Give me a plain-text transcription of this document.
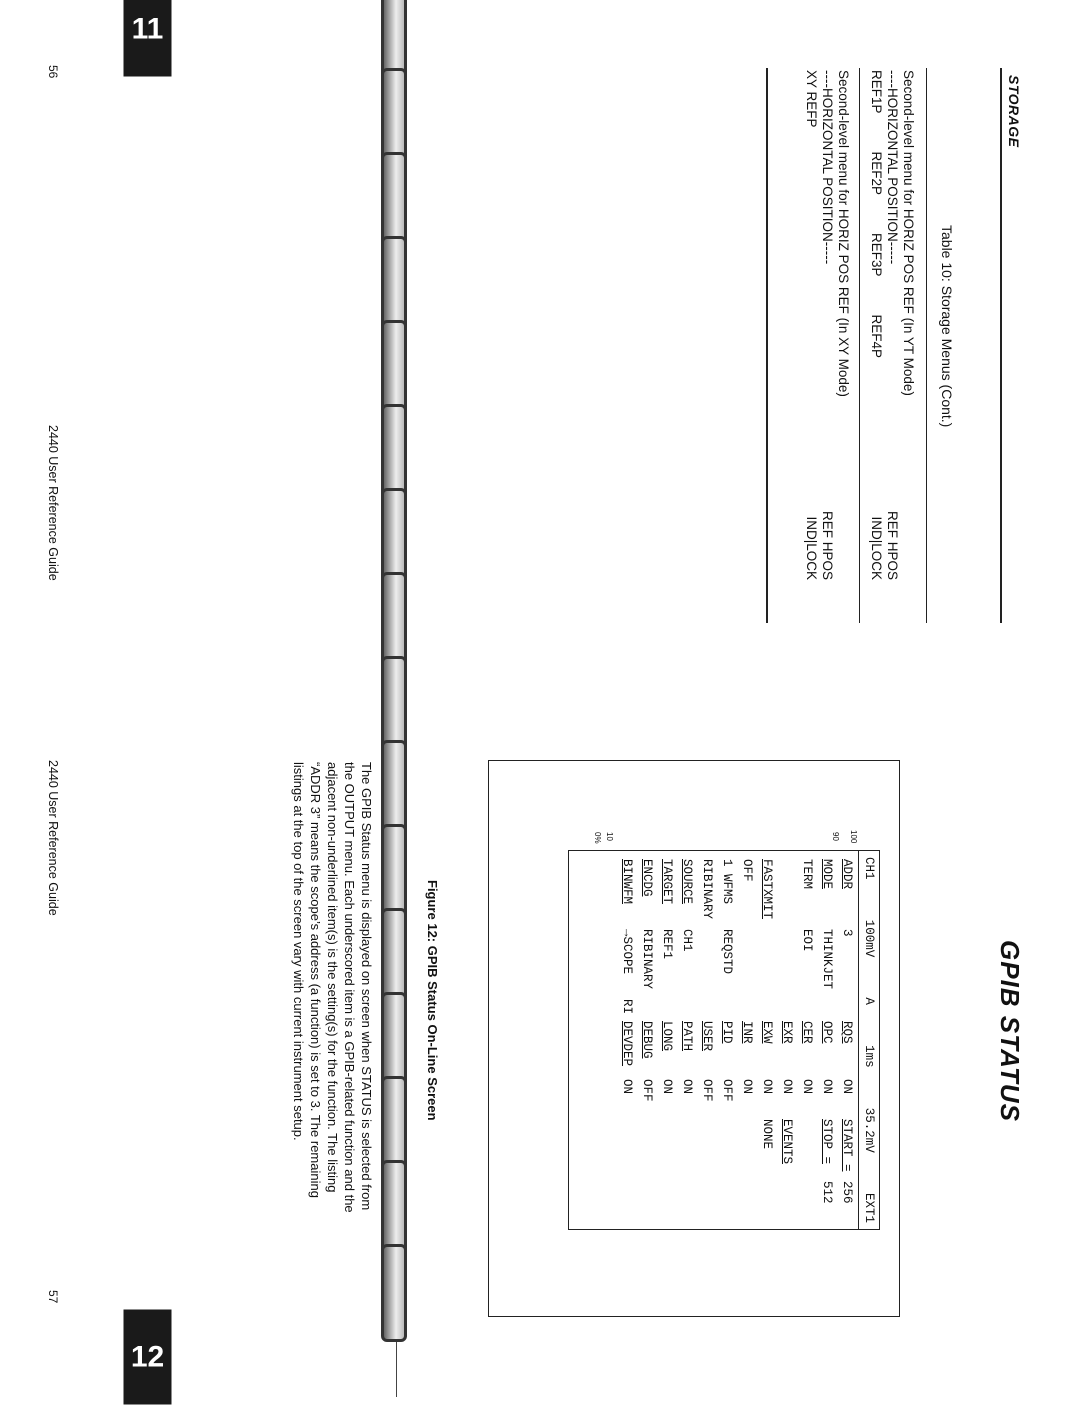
11
STORAGE
Table 10: Storage Menus (Cont.)
Second-level menu for HORIZ POS REF (In YT Mode)
----HORIZONTAL POSITION-----
REF HPOS
REF1P
REF2P
REF3P
REF4P
IND|LOCK
Second-level menu for HORIZ POS REF (In XY Mode)
----HORIZONTAL POSITION-----
REF HPOS
XY REFP
IND|LOCK
2440 User Reference Guide
56
GPIB STATUS
CH1
100mV
A
1ms
35.2mV
EXT1
ADDR
3
RQS
ON
START =
256
MODE
THINKJET
OPC
ON
STOP =
512
TERM
EOI
CER
ON
EXR
ON
EVENTS
FASTXMIT
EXW
ON
NONE
OFF
INR
ON
1 WFMS
REQSTD
PID
OFF
RIBINARY
USER
OFF
SOURCE
CH1
PATH
ON
TARGET
REF1
LONG
ON
ENCDG
RIBINARY
DEBUG
OFF
BINWFM
→SCOPE
RI
DEVDEP
ON
100
90
10
0%
Figure 12: GPIB Status On-Line Screen
The GPIB Status menu is displayed on screen when STATUS is selected from
the OUTPUT menu. Each underscored item is a GPIB-related function and the
adjacent non-underlined item(s) is the setting(s) for the function. The listing
“ADDR 3” means the scope’s address (a function) is set to 3. The remaining
listings at the top of the screen vary with current instrument setup.
2440 User Reference Guide
57
12
